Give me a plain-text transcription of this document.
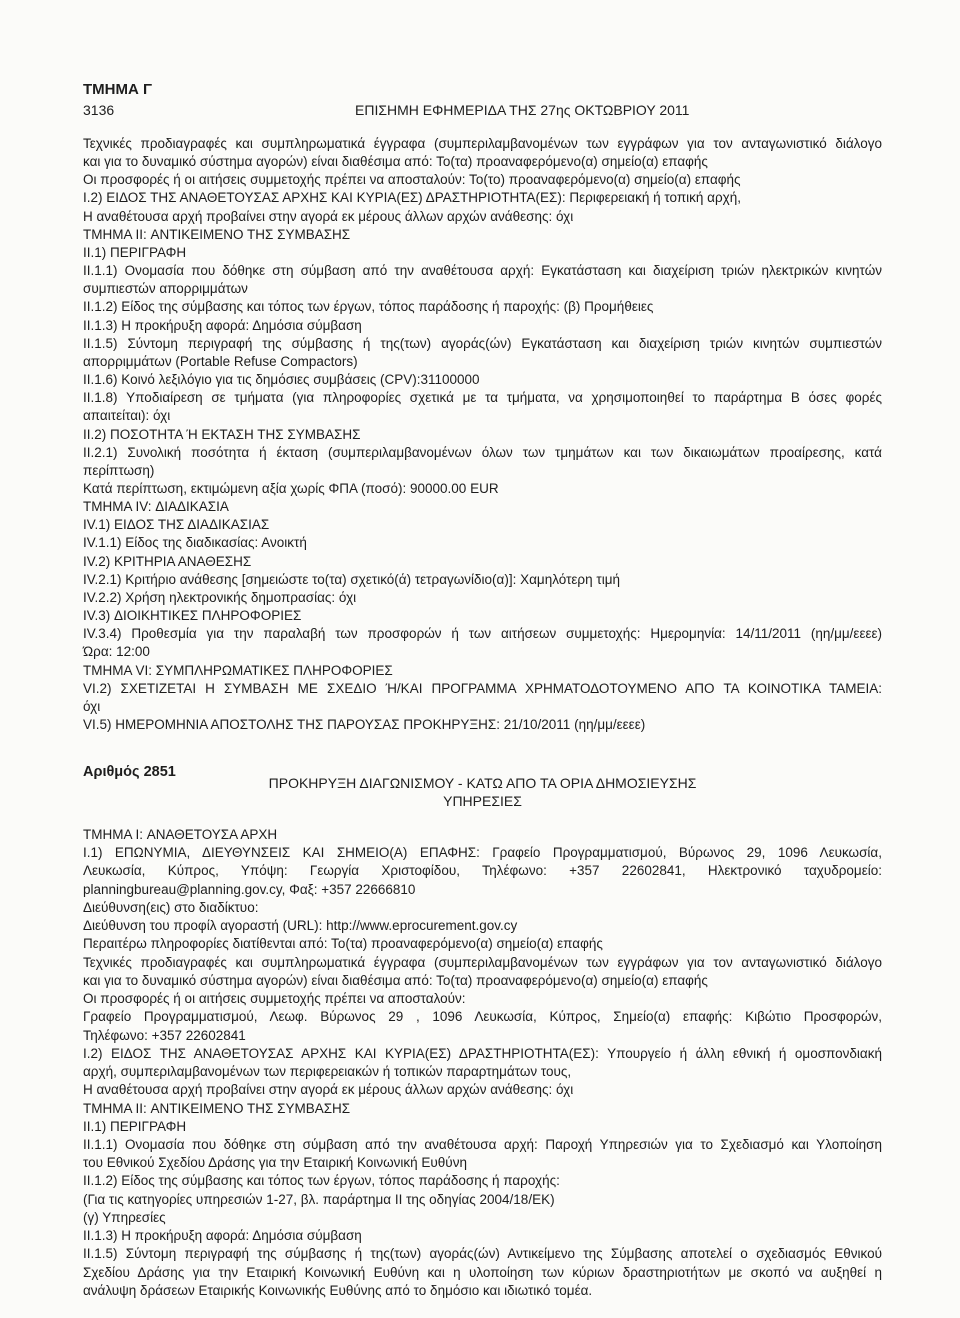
ΤΜΗΜΑ Γ
3136	ΕΠΙΣΗΜΗ ΕΦΗΜΕΡΙΔΑ ΤΗΣ 27ης ΟΚΤΩΒΡΙΟΥ 2011
Τεχνικές προδιαγραφές και συμπληρωματικά έγγραφα (συμπεριλαμβανομένων των εγγράφων για τον ανταγωνιστικό διάλογο
και για το δυναμικό σύστημα αγορών) είναι διαθέσιμα από: Το(τα) προαναφερόμενο(α) σημείο(α) επαφής
Οι προσφορές ή οι αιτήσεις συμμετοχής πρέπει να αποσταλούν: Το(το) προαναφερόμενο(α) σημείο(α) επαφής
I.2) ΕΙΔΟΣ ΤΗΣ ΑΝΑΘΕΤΟΥΣΑΣ ΑΡΧΗΣ ΚΑΙ ΚΥΡΙΑ(ΕΣ) ΔΡΑΣΤΗΡΙΟΤΗΤΑ(ΕΣ): Περιφερειακή ή τοπική αρχή,
Η αναθέτουσα αρχή προβαίνει στην αγορά εκ μέρους άλλων αρχών ανάθεσης: όχι
ΤΜΗΜΑ II: ΑΝΤΙΚΕΙΜΕΝΟ ΤΗΣ ΣΥΜΒΑΣΗΣ
II.1) ΠΕΡΙΓΡΑΦΗ
II.1.1) Ονομασία που δόθηκε στη σύμβαση από την αναθέτουσα αρχή: Εγκατάσταση και διαχείριση τριών ηλεκτρικών κινητών
συμπιεστών απορριμμάτων
II.1.2) Είδος της σύμβασης και τόπος των έργων, τόπος παράδοσης ή παροχής: (β) Προμήθειες
II.1.3) Η προκήρυξη αφορά: Δημόσια σύμβαση
II.1.5) Σύντομη περιγραφή της σύμβασης ή της(των) αγοράς(ών) Εγκατάσταση και διαχείριση τριών κινητών συμπιεστών
απορριμμάτων (Portable Refuse Compactors)
II.1.6) Κοινό λεξιλόγιο για τις δημόσιες συμβάσεις (CPV):31100000
II.1.8) Υποδιαίρεση σε τμήματα (για πληροφορίες σχετικά με τα τμήματα, να χρησιμοποιηθεί το παράρτημα Β όσες φορές
απαιτείται): όχι
II.2) ΠΟΣΟΤΗΤΑ Ή ΕΚΤΑΣΗ ΤΗΣ ΣΥΜΒΑΣΗΣ
II.2.1) Συνολική ποσότητα ή έκταση (συμπεριλαμβανομένων όλων των τμημάτων και των δικαιωμάτων προαίρεσης, κατά
περίπτωση)
Κατά περίπτωση, εκτιμώμενη αξία χωρίς ΦΠΑ (ποσό): 90000.00 EUR
ΤΜΗΜΑ IV: ΔΙΑΔΙΚΑΣΙΑ
IV.1) ΕΙΔΟΣ ΤΗΣ ΔΙΑΔΙΚΑΣΙΑΣ
IV.1.1) Είδος της διαδικασίας: Ανοικτή
IV.2) ΚΡΙΤΗΡΙΑ ΑΝΑΘΕΣΗΣ
IV.2.1) Κριτήριο ανάθεσης [σημειώστε το(τα) σχετικό(ά) τετραγωνίδιο(α)]: Χαμηλότερη τιμή
IV.2.2) Χρήση ηλεκτρονικής δημοπρασίας: όχι
IV.3) ΔΙΟΙΚΗΤΙΚΕΣ ΠΛΗΡΟΦΟΡΙΕΣ
IV.3.4) Προθεσμία για την παραλαβή των προσφορών ή των αιτήσεων συμμετοχής: Ημερομηνία: 14/11/2011 (ηη/μμ/εεεε)
Ώρα: 12:00
ΤΜΗΜΑ VI: ΣΥΜΠΛΗΡΩΜΑΤΙΚΕΣ ΠΛΗΡΟΦΟΡΙΕΣ
VI.2) ΣΧΕΤΙΖΕΤΑΙ Η ΣΥΜΒΑΣΗ ΜΕ ΣΧΕΔΙΟ Ή/ΚΑΙ ΠΡΟΓΡΑΜΜΑ ΧΡΗΜΑΤΟΔΟΤΟΥΜΕΝΟ ΑΠΟ ΤΑ ΚΟΙΝΟΤΙΚΑ ΤΑΜΕΙΑ:
όχι
VI.5) ΗΜΕΡΟΜΗΝΙΑ ΑΠΟΣΤΟΛΗΣ ΤΗΣ ΠΑΡΟΥΣΑΣ ΠΡΟΚΗΡΥΞΗΣ: 21/10/2011 (ηη/μμ/εεεε)
Αριθμός 2851
ΠΡΟΚΗΡΥΞΗ ΔΙΑΓΩΝΙΣΜΟΥ - ΚΑΤΩ ΑΠΟ ΤΑ ΟΡΙΑ ΔΗΜΟΣΙΕΥΣΗΣ
ΥΠΗΡΕΣΙΕΣ
ΤΜΗΜΑ I: ΑΝΑΘΕΤΟΥΣΑ ΑΡΧΗ
I.1) ΕΠΩΝΥΜΙΑ, ΔΙΕΥΘΥΝΣΕΙΣ ΚΑΙ ΣΗΜΕΙΟ(Α) ΕΠΑΦΗΣ: Γραφείο Προγραμματισμού, Βύρωνος 29, 1096 Λευκωσία,
Λευκωσία, Κύπρος, Υπόψη: Γεωργία Χριστοφίδου, Τηλέφωνο: +357 22602841, Ηλεκτρονικό ταχυδρομείο:
planningbureau@planning.gov.cy, Φαξ: +357 22666810
Διεύθυνση(εις) στο διαδίκτυο:
Διεύθυνση του προφίλ αγοραστή (URL): http://www.eprocurement.gov.cy
Περαιτέρω πληροφορίες διατίθενται από: Το(τα) προαναφερόμενο(α) σημείο(α) επαφής
Τεχνικές προδιαγραφές και συμπληρωματικά έγγραφα (συμπεριλαμβανομένων των εγγράφων για τον ανταγωνιστικό διάλογο
και για το δυναμικό σύστημα αγορών) είναι διαθέσιμα από: Το(τα) προαναφερόμενο(α) σημείο(α) επαφής
Οι προσφορές ή οι αιτήσεις συμμετοχής πρέπει να αποσταλούν:
Γραφείο Προγραμματισμού, Λεωφ. Βύρωνος 29 , 1096 Λευκωσία, Κύπρος, Σημείο(α) επαφής: Κιβώτιο Προσφορών,
Τηλέφωνο: +357 22602841
I.2) ΕΙΔΟΣ ΤΗΣ ΑΝΑΘΕΤΟΥΣΑΣ ΑΡΧΗΣ ΚΑΙ ΚΥΡΙΑ(ΕΣ) ΔΡΑΣΤΗΡΙΟΤΗΤΑ(ΕΣ): Υπουργείο ή άλλη εθνική ή ομοσπονδιακή
αρχή, συμπεριλαμβανομένων των περιφερειακών ή τοπικών παραρτημάτων τους,
Η αναθέτουσα αρχή προβαίνει στην αγορά εκ μέρους άλλων αρχών ανάθεσης: όχι
ΤΜΗΜΑ II: ΑΝΤΙΚΕΙΜΕΝΟ ΤΗΣ ΣΥΜΒΑΣΗΣ
II.1) ΠΕΡΙΓΡΑΦΗ
II.1.1) Ονομασία που δόθηκε στη σύμβαση από την αναθέτουσα αρχή: Παροχή Υπηρεσιών για το Σχεδιασμό και Υλοποίηση
του Εθνικού Σχεδίου Δράσης για την Εταιρική Κοινωνική Ευθύνη
II.1.2) Είδος της σύμβασης και τόπος των έργων, τόπος παράδοσης ή παροχής:
(Για τις κατηγορίες υπηρεσιών 1-27, βλ. παράρτημα II της οδηγίας 2004/18/ΕΚ)
(γ) Υπηρεσίες
II.1.3) Η προκήρυξη αφορά: Δημόσια σύμβαση
II.1.5) Σύντομη περιγραφή της σύμβασης ή της(των) αγοράς(ών) Αντικείμενο της Σύμβασης αποτελεί ο σχεδιασμός Εθνικού
Σχεδίου Δράσης για την Εταιρική Κοινωνική Ευθύνη και η υλοποίηση των κύριων δραστηριοτήτων με σκοπό να αυξηθεί η
ανάλυψη δράσεων Εταιρικής Κοινωνικής Ευθύνης από το δημόσιο και ιδιωτικό τομέα.
